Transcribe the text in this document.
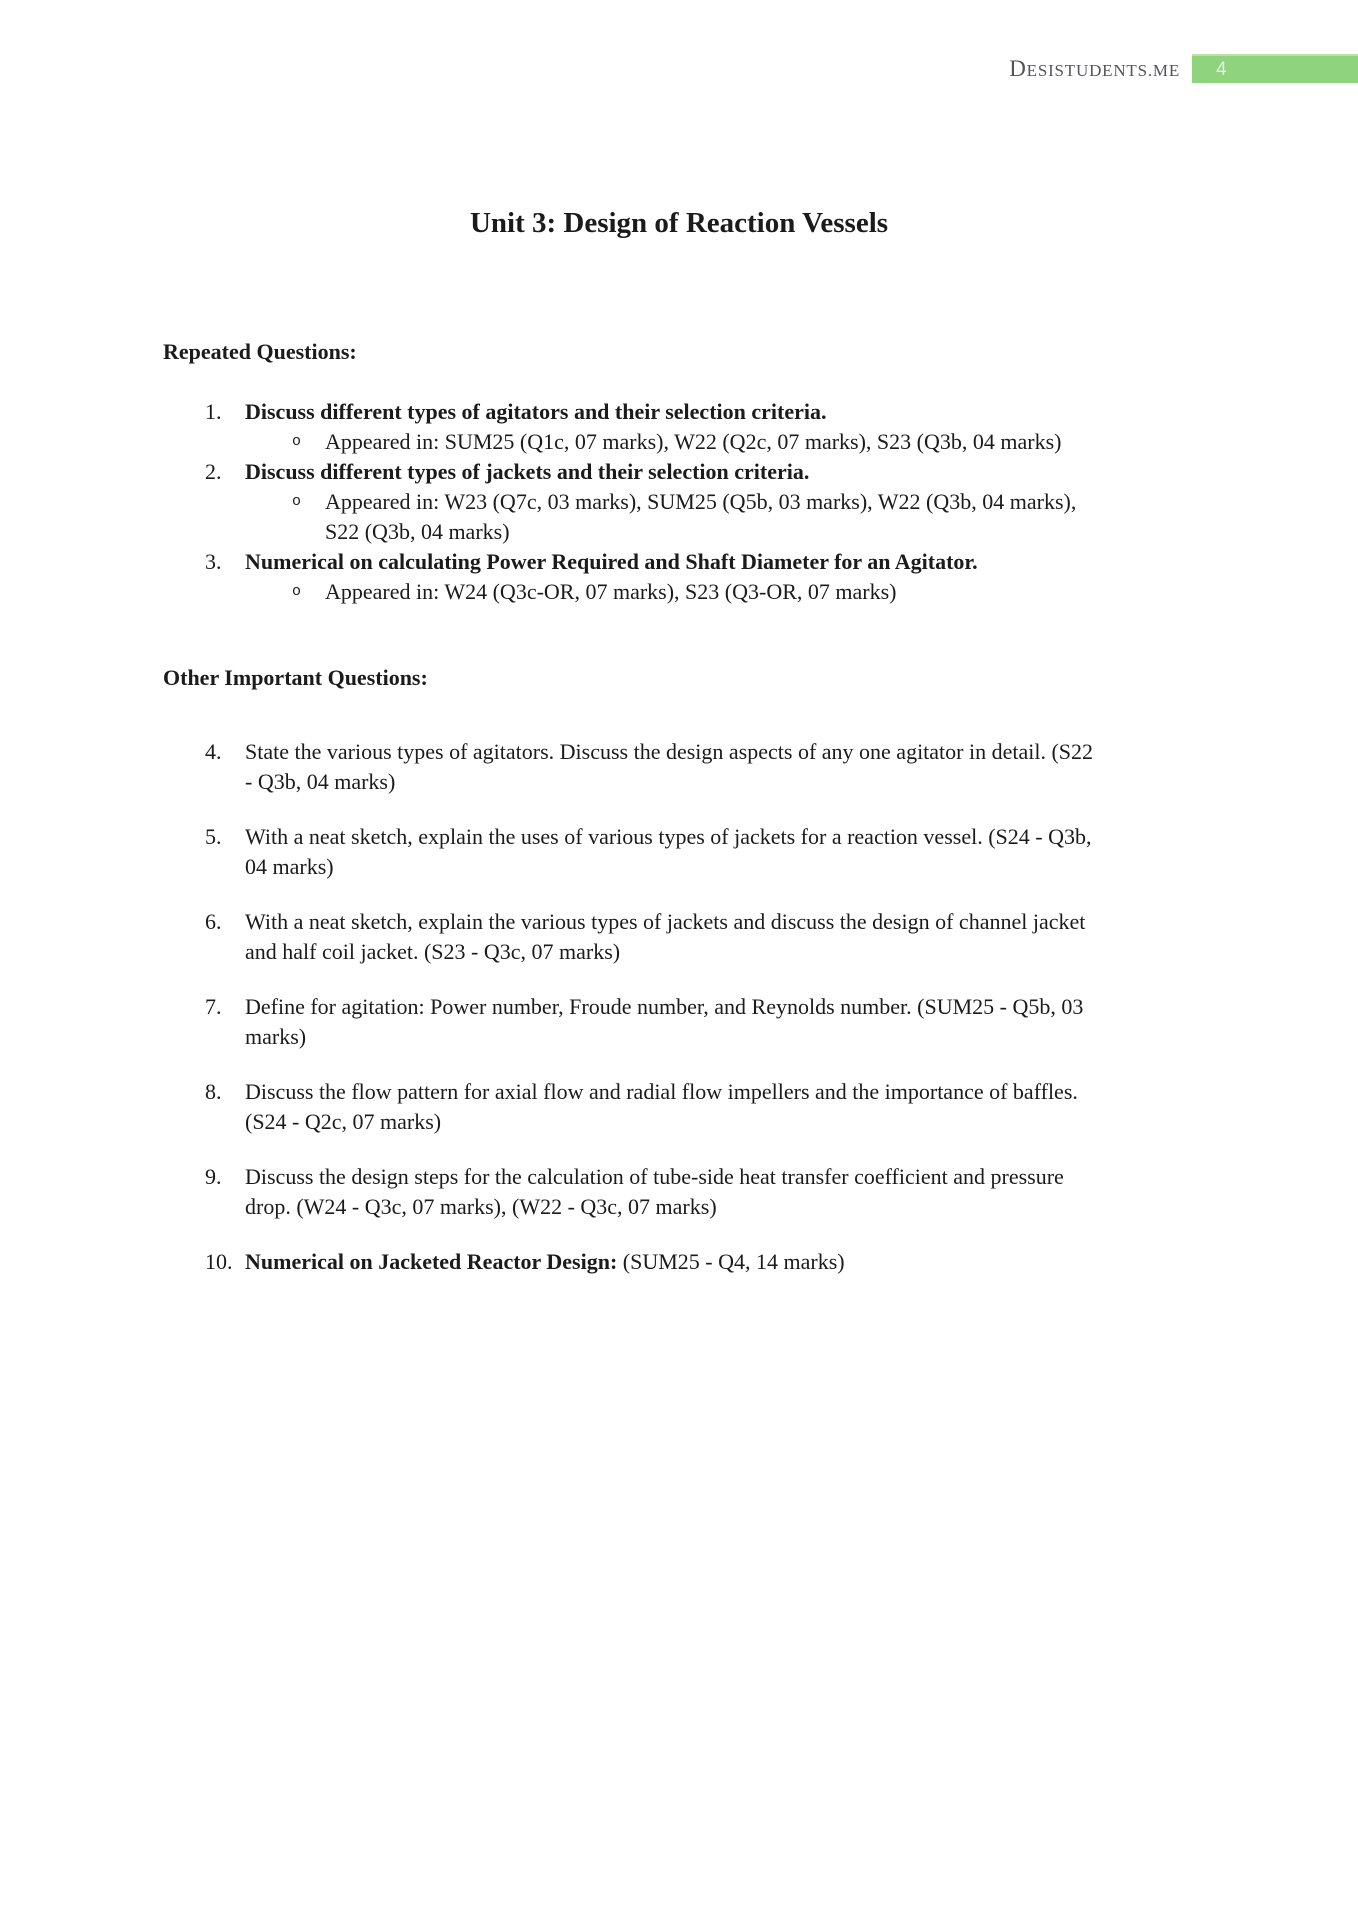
DESISTUDENTS.ME 4
Unit 3: Design of Reaction Vessels
Repeated Questions:
1.	Discuss different types of agitators and their selection criteria.
o	Appeared in: SUM25 (Q1c, 07 marks), W22 (Q2c, 07 marks), S23 (Q3b, 04 marks)
2.	Discuss different types of jackets and their selection criteria.
o	Appeared in: W23 (Q7c, 03 marks), SUM25 (Q5b, 03 marks), W22 (Q3b, 04 marks), S22 (Q3b, 04 marks)
3.	Numerical on calculating Power Required and Shaft Diameter for an Agitator.
o	Appeared in: W24 (Q3c-OR, 07 marks), S23 (Q3-OR, 07 marks)
Other Important Questions:
4.	State the various types of agitators. Discuss the design aspects of any one agitator in detail. (S22 - Q3b, 04 marks)
5.	With a neat sketch, explain the uses of various types of jackets for a reaction vessel. (S24 - Q3b, 04 marks)
6.	With a neat sketch, explain the various types of jackets and discuss the design of channel jacket and half coil jacket. (S23 - Q3c, 07 marks)
7.	Define for agitation: Power number, Froude number, and Reynolds number. (SUM25 - Q5b, 03 marks)
8.	Discuss the flow pattern for axial flow and radial flow impellers and the importance of baffles. (S24 - Q2c, 07 marks)
9.	Discuss the design steps for the calculation of tube-side heat transfer coefficient and pressure drop. (W24 - Q3c, 07 marks), (W22 - Q3c, 07 marks)
10. Numerical on Jacketed Reactor Design: (SUM25 - Q4, 14 marks)
